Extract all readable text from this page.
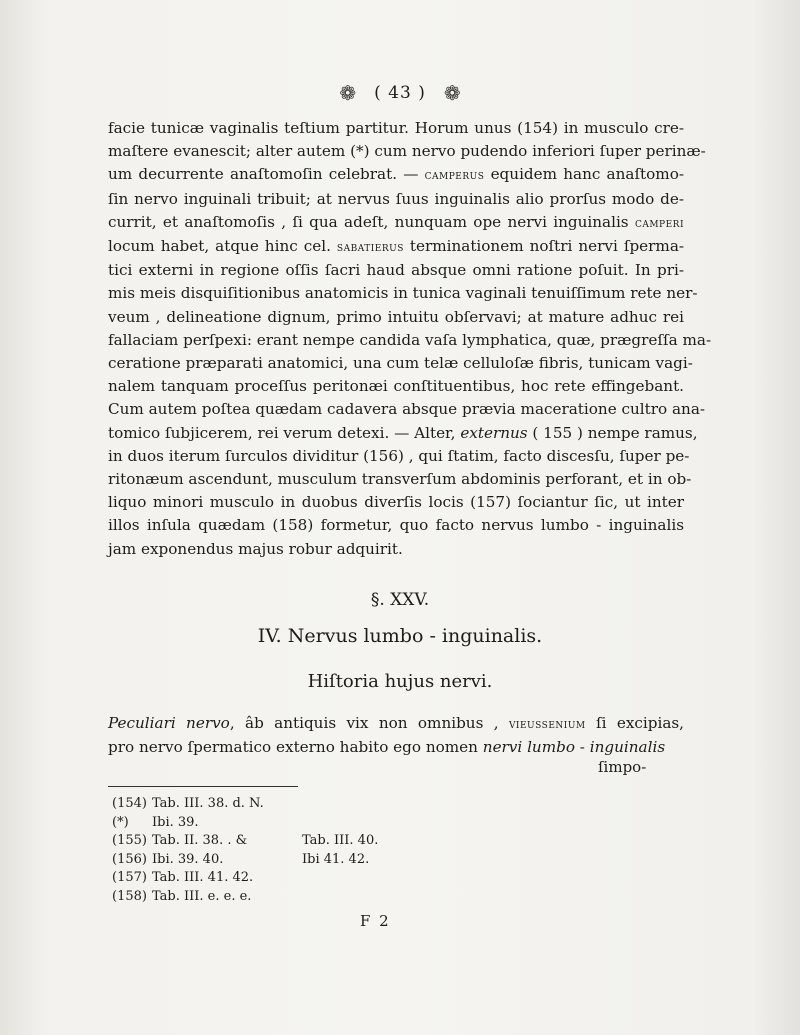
❁ ( 43 ) ❁
facie tunicæ vaginalis teſtium partitur. Horum unus (154) in musculo cre-
maſtere evanescit; alter autem (*) cum nervo pudendo inferiori ſuper perinæ-
um decurrente anaſtomoſin celebrat. — camperus equidem hanc anaſtomo-
ſin nervo inguinali tribuit; at nervus ſuus inguinalis alio prorſus modo de-
currit, et anaſtomoſis , ſi qua adeſt, nunquam ope nervi inguinalis camperi
locum habet, atque hinc cel. sabatierus terminationem noſtri nervi ſperma-
tici externi in regione oſſis ſacri haud absque omni ratione poſuit. In pri-
mis meis disquiſitionibus anatomicis in tunica vaginali tenuiſſimum rete ner-
veum , delineatione dignum, primo intuitu obſervavi; at mature adhuc rei
fallaciam perſpexi: erant nempe candida vaſa lymphatica, quæ, prægreſſa ma-
ceratione præparati anatomici, una cum telæ celluloſæ fibris, tunicam vagi-
nalem tanquam proceſſus peritonæi conſtituentibus, hoc rete effingebant.
Cum autem poſtea quædam cadavera absque prævia maceratione cultro ana-
tomico ſubjicerem, rei verum detexi. — Alter, externus ( 155 ) nempe ramus,
in duos iterum ſurculos dividitur (156) , qui ſtatim, facto discesſu, ſuper pe-
ritonæum ascendunt, musculum transverſum abdominis perforant, et in ob-
liquo minori musculo in duobus diverſis locis (157) ſociantur ſic, ut inter
illos inſula quædam (158) formetur, quo facto nervus lumbo - inguinalis
jam exponendus majus robur adquirit.
§. XXV.
IV. Nervus lumbo - inguinalis.
Hiſtoria hujus nervi.
Peculiari nervo, âb antiquis vix non omnibus , vieussenium ſi excipias,
pro nervo ſpermatico externo habito ego nomen nervi lumbo - inguinalis
ſimpo-
(154) Tab. III. 38. d. N.
(*)	Ibi. 39.
(155) Tab. II. 38. . &	Tab. III. 40.
(156) Ibi. 39. 40.	Ibi 41. 42.
(157) Tab. III. 41. 42.
(158) Tab. III. e. e. e.
F 2
